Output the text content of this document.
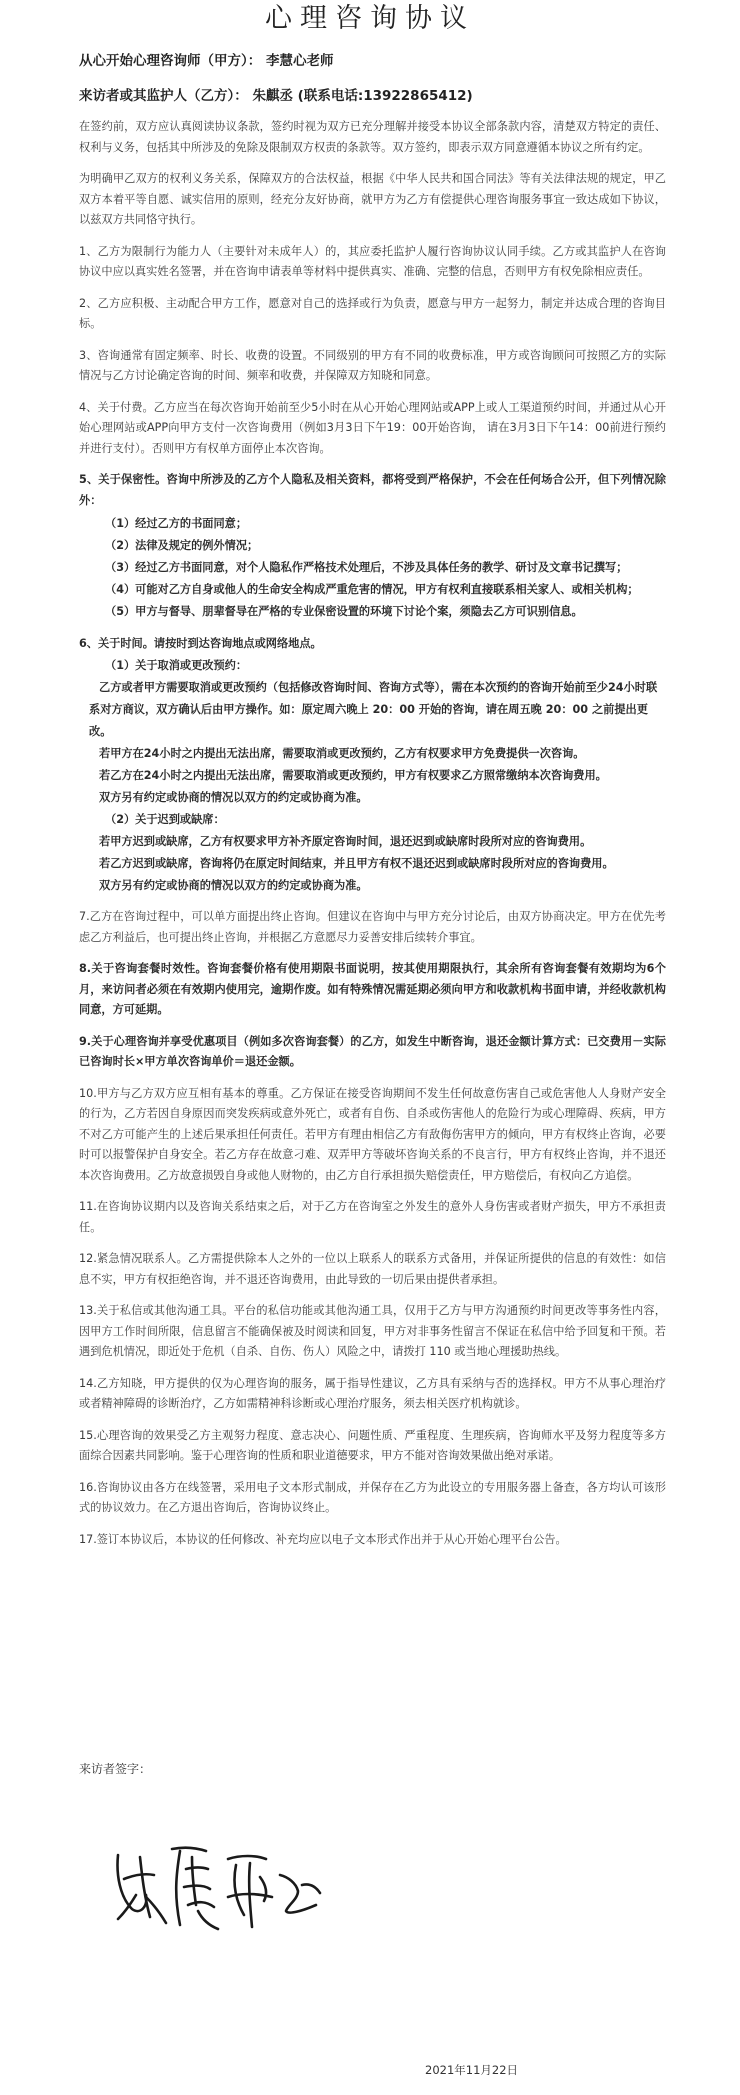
心理咨询协议
从心开始心理咨询师（甲方）： 李慧心老师
来访者或其监护人（乙方）： 朱麒丞 (联系电话:13922865412)

在签约前，双方应认真阅读协议条款，签约时视为双方已充分理解并接受本协议全部条款内容，清楚双方特定的责任、权利与义务，包括其中所涉及的免除及限制双方权责的条款等。双方签约，即表示双方同意遵循本协议之所有约定。

为明确甲乙双方的权利义务关系，保障双方的合法权益，根据《中华人民共和国合同法》等有关法律法规的规定，甲乙双方本着平等自愿、诚实信用的原则，经充分友好协商，就甲方为乙方有偿提供心理咨询服务事宜一致达成如下协议，以兹双方共同恪守执行。

1、乙方为限制行为能力人（主要针对未成年人）的，其应委托监护人履行咨询协议认同手续。乙方或其监护人在咨询协议中应以真实姓名签署，并在咨询申请表单等材料中提供真实、准确、完整的信息，否则甲方有权免除相应责任。

2、乙方应积极、主动配合甲方工作，愿意对自己的选择或行为负责，愿意与甲方一起努力，制定并达成合理的咨询目标。

3、咨询通常有固定频率、时长、收费的设置。不同级别的甲方有不同的收费标准，甲方或咨询顾问可按照乙方的实际情况与乙方讨论确定咨询的时间、频率和收费，并保障双方知晓和同意。

4、关于付费。乙方应当在每次咨询开始前至少5小时在从心开始心理网站或APP上或人工渠道预约时间，并通过从心开始心理网站或APP向甲方支付一次咨询费用（例如3月3日下午19：00开始咨询， 请在3月3日下午14：00前进行预约并进行支付）。否则甲方有权单方面停止本次咨询。

5、关于保密性。咨询中所涉及的乙方个人隐私及相关资料，都将受到严格保护，不会在任何场合公开，但下列情况除外：

（1）经过乙方的书面同意；
（2）法律及规定的例外情况；
（3）经过乙方书面同意，对个人隐私作严格技术处理后，不涉及具体任务的教学、研讨及文章书记撰写；
（4）可能对乙方自身或他人的生命安全构成严重危害的情况，甲方有权利直接联系相关家人、或相关机构；
（5）甲方与督导、朋辈督导在严格的专业保密设置的环境下讨论个案，须隐去乙方可识别信息。
6、关于时间。请按时到达咨询地点或网络地点。
（1）关于取消或更改预约：
乙方或者甲方需要取消或更改预约（包括修改咨询时间、咨询方式等），需在本次预约的咨询开始前至少24小时联系对方商议，双方确认后由甲方操作。如：原定周六晚上 20：00 开始的咨询，请在周五晚 20：00 之前提出更改。
若甲方在24小时之内提出无法出席，需要取消或更改预约，乙方有权要求甲方免费提供一次咨询。
若乙方在24小时之内提出无法出席，需要取消或更改预约，甲方有权要求乙方照常缴纳本次咨询费用。
双方另有约定或协商的情况以双方的约定或协商为准。
（2）关于迟到或缺席：
若甲方迟到或缺席，乙方有权要求甲方补齐原定咨询时间，退还迟到或缺席时段所对应的咨询费用。
若乙方迟到或缺席，咨询将仍在原定时间结束，并且甲方有权不退还迟到或缺席时段所对应的咨询费用。
双方另有约定或协商的情况以双方的约定或协商为准。

7.乙方在咨询过程中，可以单方面提出终止咨询。但建议在咨询中与甲方充分讨论后，由双方协商决定。甲方在优先考虑乙方利益后，也可提出终止咨询，并根据乙方意愿尽力妥善安排后续转介事宜。

8.关于咨询套餐时效性。咨询套餐价格有使用期限书面说明，按其使用期限执行，其余所有咨询套餐有效期均为6个月，来访问者必须在有效期内使用完，逾期作废。如有特殊情况需延期必须向甲方和收款机构书面申请，并经收款机构同意，方可延期。

9.关于心理咨询并享受优惠项目（例如多次咨询套餐）的乙方，如发生中断咨询，退还金额计算方式：已交费用－实际已咨询时长×甲方单次咨询单价＝退还金额。

10.甲方与乙方双方应互相有基本的尊重。乙方保证在接受咨询期间不发生任何故意伤害自己或危害他人人身财产安全的行为，乙方若因自身原因而突发疾病或意外死亡，或者有自伤、自杀或伤害他人的危险行为或心理障碍、疾病，甲方不对乙方可能产生的上述后果承担任何责任。若甲方有理由相信乙方有敌侮伤害甲方的倾向，甲方有权终止咨询，必要时可以报警保护自身安全。若乙方存在故意刁难、双弄甲方等破坏咨询关系的不良言行，甲方有权终止咨询，并不退还本次咨询费用。乙方故意损毁自身或他人财物的，由乙方自行承担损失赔偿责任，甲方赔偿后，有权向乙方追偿。

11.在咨询协议期内以及咨询关系结束之后，对于乙方在咨询室之外发生的意外人身伤害或者财产损失，甲方不承担责任。

12.紧急情况联系人。乙方需提供除本人之外的一位以上联系人的联系方式备用，并保证所提供的信息的有效性：如信息不实，甲方有权拒绝咨询，并不退还咨询费用，由此导致的一切后果由提供者承担。

13.关于私信或其他沟通工具。平台的私信功能或其他沟通工具，仅用于乙方与甲方沟通预约时间更改等事务性内容，因甲方工作时间所限，信息留言不能确保被及时阅读和回复，甲方对非事务性留言不保证在私信中给予回复和干预。若遇到危机情况，即近处于危机（自杀、自伤、伤人）风险之中，请拨打 110 或当地心理援助热线。

14.乙方知晓，甲方提供的仅为心理咨询的服务，属于指导性建议，乙方具有采纳与否的选择权。甲方不从事心理治疗或者精神障碍的诊断治疗，乙方如需精神科诊断或心理治疗服务，须去相关医疗机构就诊。

15.心理咨询的效果受乙方主观努力程度、意志决心、问题性质、严重程度、生理疾病，咨询师水平及努力程度等多方面综合因素共同影响。鉴于心理咨询的性质和职业道德要求，甲方不能对咨询效果做出绝对承诺。

16.咨询协议由各方在线签署，采用电子文本形式制成，并保存在乙方为此设立的专用服务器上备查，各方均认可该形式的协议效力。在乙方退出咨询后，咨询协议终止。

17.签订本协议后，本协议的任何修改、补充均应以电子文本形式作出并于从心开始心理平台公告。

来访者签字：
2021年11月22日
